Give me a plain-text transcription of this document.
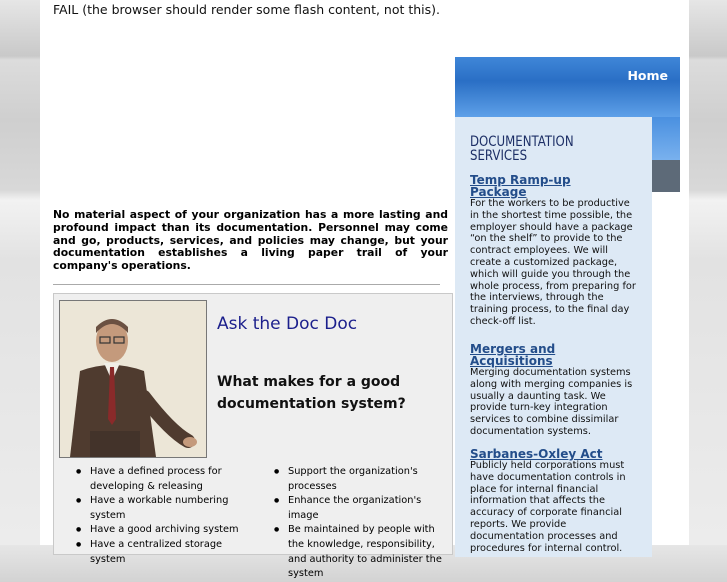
FAIL (the browser should render some flash content, not this).
No material aspect of your organization has a more lasting and profound impact than its documentation. Personnel may come and go, products, services, and policies may change, but your documentation establishes a living paper trail of your company's operations.
Ask the Doc Doc
What makes for a good documentation system?
● Have a defined process for developing & releasing
● Have a workable numbering system
● Have a good archiving system
● Have a centralized storage system
● Support the organization's processes
● Enhance the organization's image
● Be maintained by people with the knowledge, responsibility, and authority to administer the system
Home
DOCUMENTATION
SERVICES
Temp Ramp-up
Package
For the workers to be productive in the shortest time possible, the employer should have a package “on the shelf” to provide to the contract employees. We will create a customized package, which will guide you through the whole process, from preparing for the interviews, through the training process, to the final day check-off list.
Mergers and
Acquisitions
Merging documentation systems along with merging companies is usually a daunting task. We provide turn-key integration services to combine dissimilar documentation systems.
Sarbanes-Oxley Act
Publicly held corporations must have documentation controls in place for internal financial information that affects the accuracy of corporate financial reports. We provide documentation processes and procedures for internal control.
